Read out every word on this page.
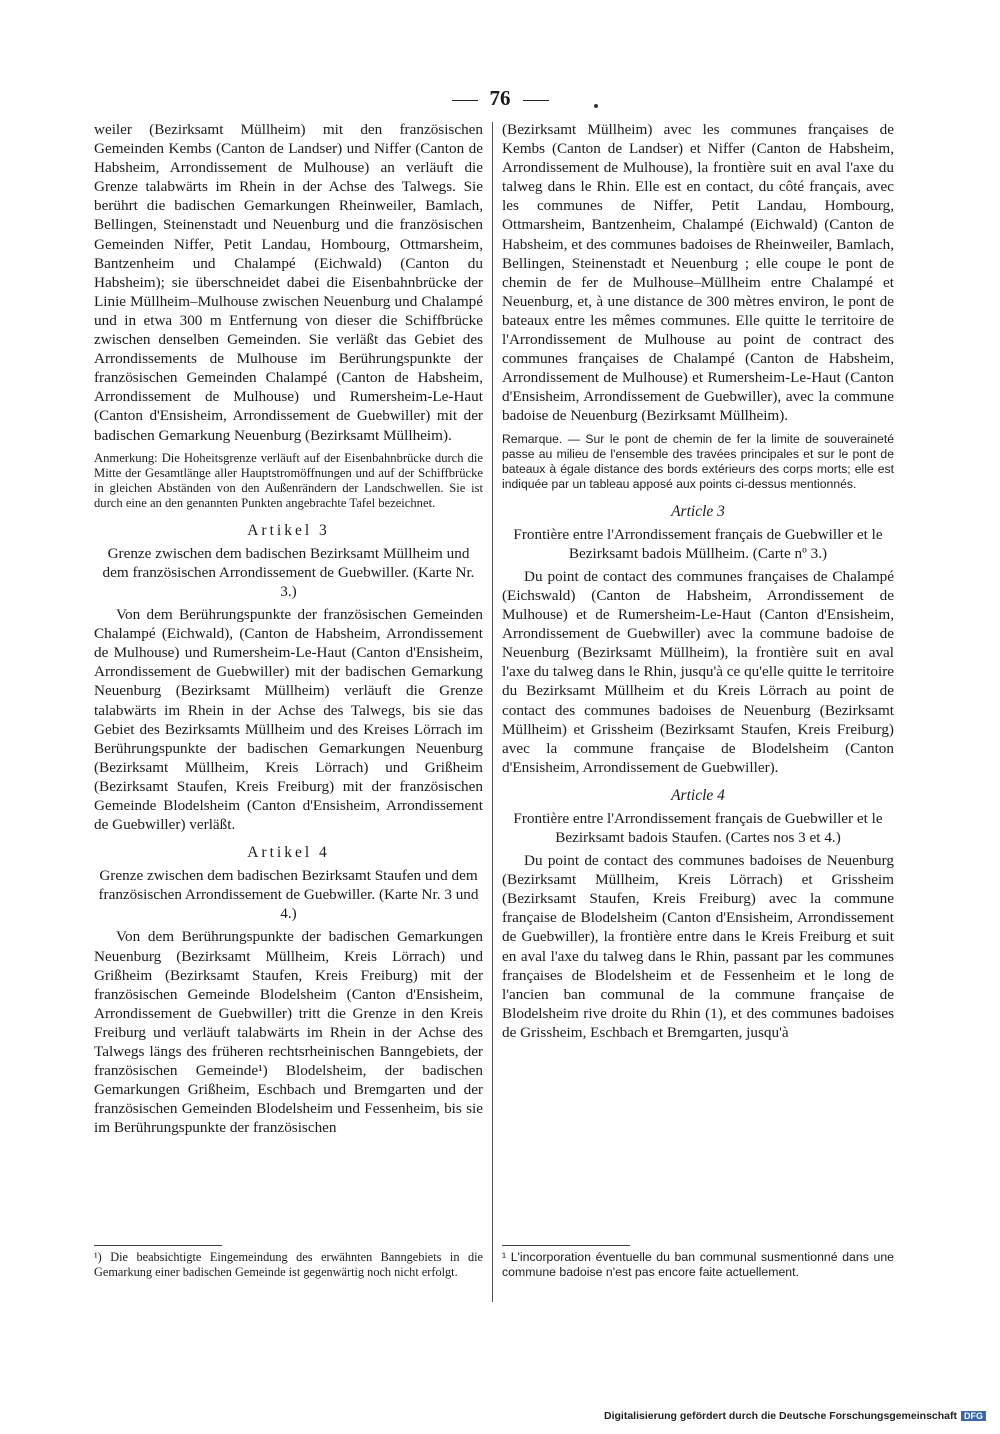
76

weiler (Bezirksamt Müllheim) mit den französischen Gemeinden Kembs (Canton de Landser) und Niffer (Canton de Habsheim, Arrondissement de Mulhouse) an verläuft die Grenze talabwärts im Rhein in der Achse des Talwegs. Sie berührt die badischen Gemarkungen Rheinweiler, Bamlach, Bellingen, Steinenstadt und Neuenburg und die französischen Gemeinden Niffer, Petit Landau, Hombourg, Ottmarsheim, Bantzenheim und Chalampé (Eichwald) (Canton du Habsheim); sie überschneidet dabei die Eisenbahnbrücke der Linie Müllheim–Mulhouse zwischen Neuenburg und Chalampé und in etwa 300 m Entfernung von dieser die Schiffbrücke zwischen denselben Gemeinden. Sie verläßt das Gebiet des Arrondissements de Mulhouse im Berührungspunkte der französischen Gemeinden Chalampé (Canton de Habsheim, Arrondissement de Mulhouse) und Rumersheim-Le-Haut (Canton d'Ensisheim, Arrondissement de Guebwiller) mit der badischen Gemarkung Neuenburg (Bezirksamt Müllheim).

Anmerkung: Die Hoheitsgrenze verläuft auf der Eisenbahnbrücke durch die Mitte der Gesamtlänge aller Hauptstromöffnungen und auf der Schiffbrücke in gleichen Abständen von den Außenrändern der Landschwellen. Sie ist durch eine an den genannten Punkten angebrachte Tafel bezeichnet.

Artikel 3
Grenze zwischen dem badischen Bezirksamt Müllheim und dem französischen Arrondissement de Guebwiller. (Karte Nr. 3.)

Von dem Berührungspunkte der französischen Gemeinden Chalampé (Eichwald), (Canton de Habsheim, Arrondissement de Mulhouse) und Rumersheim-Le-Haut (Canton d'Ensisheim, Arrondissement de Guebwiller) mit der badischen Gemarkung Neuenburg (Bezirksamt Müllheim) verläuft die Grenze talabwärts im Rhein in der Achse des Talwegs, bis sie das Gebiet des Bezirksamts Müllheim und des Kreises Lörrach im Berührungspunkte der badischen Gemarkungen Neuenburg (Bezirksamt Müllheim, Kreis Lörrach) und Grißheim (Bezirksamt Staufen, Kreis Freiburg) mit der französischen Gemeinde Blodelsheim (Canton d'Ensisheim, Arrondissement de Guebwiller) verläßt.

Artikel 4
Grenze zwischen dem badischen Bezirksamt Staufen und dem französischen Arrondissement de Guebwiller. (Karte Nr. 3 und 4.)

Von dem Berührungspunkte der badischen Gemarkungen Neuenburg (Bezirksamt Müllheim, Kreis Lörrach) und Grißheim (Bezirksamt Staufen, Kreis Freiburg) mit der französischen Gemeinde Blodelsheim (Canton d'Ensisheim, Arrondissement de Guebwiller) tritt die Grenze in den Kreis Freiburg und verläuft talabwärts im Rhein in der Achse des Talwegs längs des früheren rechtsrheinischen Banngebiets, der französischen Gemeinde¹) Blodelsheim, der badischen Gemarkungen Grißheim, Eschbach und Bremgarten und der französischen Gemeinden Blodelsheim und Fessenheim, bis sie im Berührungspunkte der französischen

(Bezirksamt Müllheim) avec les communes françaises de Kembs (Canton de Landser) et Niffer (Canton de Habsheim, Arrondissement de Mulhouse), la frontière suit en aval l'axe du talweg dans le Rhin. Elle est en contact, du côté français, avec les communes de Niffer, Petit Landau, Hombourg, Ottmarsheim, Bantzenheim, Chalampé (Eichwald) (Canton de Habsheim, et des communes badoises de Rheinweiler, Bamlach, Bellingen, Steinenstadt et Neuenburg ; elle coupe le pont de chemin de fer de Mulhouse–Müllheim entre Chalampé et Neuenburg, et, à une distance de 300 mètres environ, le pont de bateaux entre les mêmes communes. Elle quitte le territoire de l'Arrondissement de Mulhouse au point de contract des communes françaises de Chalampé (Canton de Habsheim, Arrondissement de Mulhouse) et Rumersheim-Le-Haut (Canton d'Ensisheim, Arrondissement de Guebwiller), avec la commune badoise de Neuenburg (Bezirksamt Müllheim).

Remarque. — Sur le pont de chemin de fer la limite de souveraineté passe au milieu de l'ensemble des travées principales et sur le pont de bateaux à égale distance des bords extérieurs des corps morts; elle est indiquée par un tableau apposé aux points ci-dessus mentionnés.

Article 3
Frontière entre l'Arrondissement français de Guebwiller et le Bezirksamt badois Müllheim. (Carte nº 3.)

Du point de contact des communes françaises de Chalampé (Eichswald) (Canton de Habsheim, Arrondissement de Mulhouse) et de Rumersheim-Le-Haut (Canton d'Ensisheim, Arrondissement de Guebwiller) avec la commune badoise de Neuenburg (Bezirksamt Müllheim), la frontière suit en aval l'axe du talweg dans le Rhin, jusqu'à ce qu'elle quitte le territoire du Bezirksamt Müllheim et du Kreis Lörrach au point de contact des communes badoises de Neuenburg (Bezirksamt Müllheim) et Grissheim (Bezirksamt Staufen, Kreis Freiburg) avec la commune française de Blodelsheim (Canton d'Ensisheim, Arrondissement de Guebwiller).

Article 4
Frontière entre l'Arrondissement français de Guebwiller et le Bezirksamt badois Staufen. (Cartes nos 3 et 4.)

Du point de contact des communes badoises de Neuenburg (Bezirksamt Müllheim, Kreis Lörrach) et Grissheim (Bezirksamt Staufen, Kreis Freiburg) avec la commune française de Blodelsheim (Canton d'Ensisheim, Arrondissement de Guebwiller), la frontière entre dans le Kreis Freiburg et suit en aval l'axe du talweg dans le Rhin, passant par les communes françaises de Blodelsheim et de Fessenheim et le long de l'ancien ban communal de la commune française de Blodelsheim rive droite du Rhin (1), et des communes badoises de Grissheim, Eschbach et Bremgarten, jusqu'à

¹) Die beabsichtigte Eingemeindung des erwähnten Banngebiets in die Gemarkung einer badischen Gemeinde ist gegenwärtig noch nicht erfolgt.

¹ L'incorporation éventuelle du ban communal susmentionné dans une commune badoise n'est pas encore faite actuellement.

Digitalisierung gefördert durch die Deutsche Forschungsgemeinschaft DFG
